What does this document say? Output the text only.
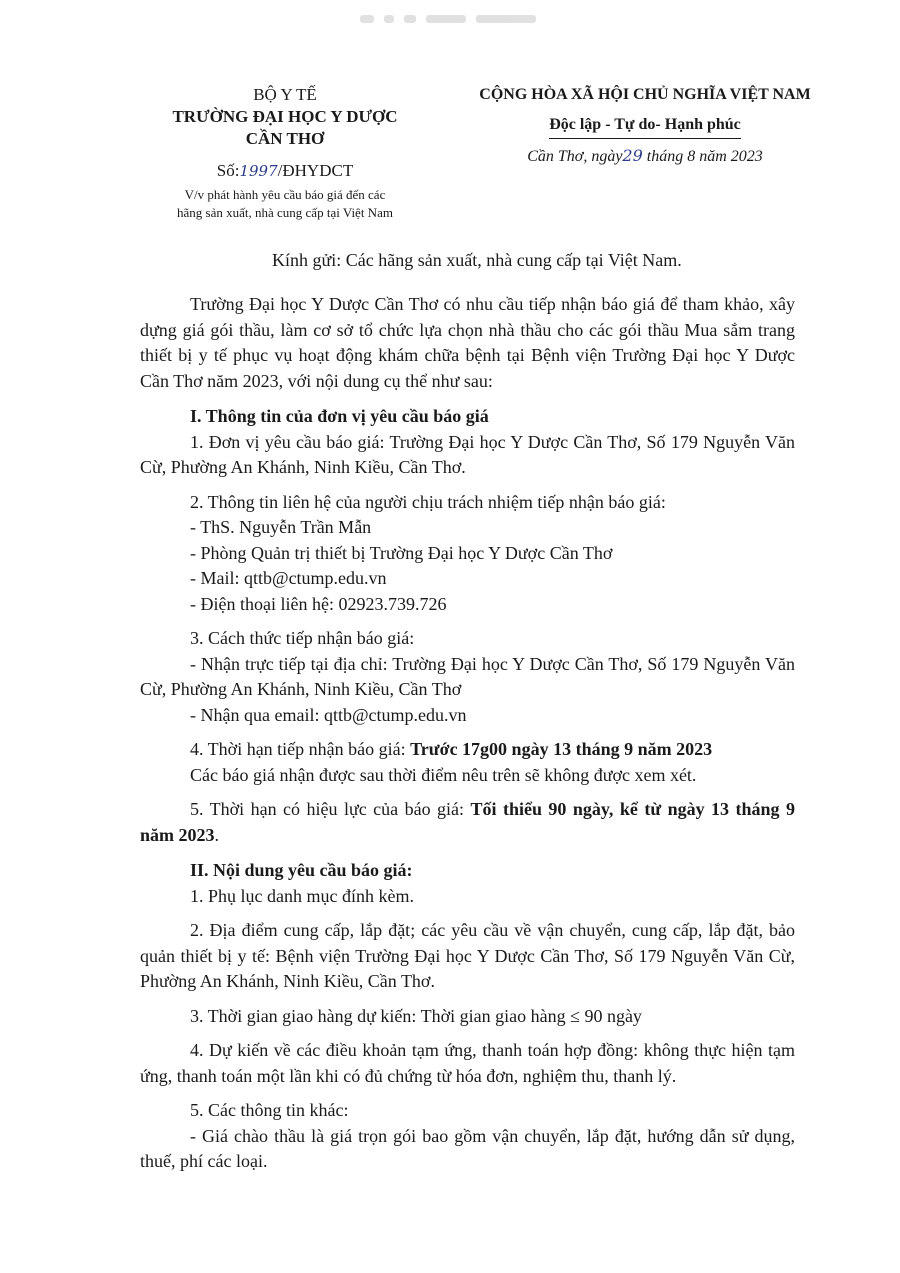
BỘ Y TẾ
TRƯỜNG ĐẠI HỌC Y DƯỢC
CẦN THƠ
Số:1997/ĐHYDCT
V/v phát hành yêu cầu báo giá đến các
hãng sản xuất, nhà cung cấp tại Việt Nam
CỘNG HÒA XÃ HỘI CHỦ NGHĨA VIỆT NAM
Độc lập - Tự do- Hạnh phúc
Cần Thơ, ngày29 tháng 8 năm 2023
Kính gửi: Các hãng sản xuất, nhà cung cấp tại Việt Nam.

Trường Đại học Y Dược Cần Thơ có nhu cầu tiếp nhận báo giá để tham khảo, xây dựng giá gói thầu, làm cơ sở tổ chức lựa chọn nhà thầu cho các gói thầu Mua sắm trang thiết bị y tế phục vụ hoạt động khám chữa bệnh tại Bệnh viện Trường Đại học Y Dược Cần Thơ năm 2023, với nội dung cụ thể như sau:

I. Thông tin của đơn vị yêu cầu báo giá

1. Đơn vị yêu cầu báo giá: Trường Đại học Y Dược Cần Thơ, Số 179 Nguyễn Văn Cừ, Phường An Khánh, Ninh Kiều, Cần Thơ.

2. Thông tin liên hệ của người chịu trách nhiệm tiếp nhận báo giá:

- ThS. Nguyễn Trần Mẫn

- Phòng Quản trị thiết bị Trường Đại học Y Dược Cần Thơ

- Mail: qttb@ctump.edu.vn

- Điện thoại liên hệ: 02923.739.726

3. Cách thức tiếp nhận báo giá:

- Nhận trực tiếp tại địa chỉ: Trường Đại học Y Dược Cần Thơ, Số 179 Nguyễn Văn Cừ, Phường An Khánh, Ninh Kiều, Cần Thơ

- Nhận qua email: qttb@ctump.edu.vn

4. Thời hạn tiếp nhận báo giá: Trước 17g00 ngày 13 tháng 9 năm 2023

Các báo giá nhận được sau thời điểm nêu trên sẽ không được xem xét.

5. Thời hạn có hiệu lực của báo giá: Tối thiểu 90 ngày, kể từ ngày 13 tháng 9 năm 2023.

II. Nội dung yêu cầu báo giá:

1. Phụ lục danh mục đính kèm.

2. Địa điểm cung cấp, lắp đặt; các yêu cầu về vận chuyển, cung cấp, lắp đặt, bảo quản thiết bị y tế: Bệnh viện Trường Đại học Y Dược Cần Thơ, Số 179 Nguyễn Văn Cừ, Phường An Khánh, Ninh Kiều, Cần Thơ.

3. Thời gian giao hàng dự kiến: Thời gian giao hàng ≤ 90 ngày

4. Dự kiến về các điều khoản tạm ứng, thanh toán hợp đồng: không thực hiện tạm ứng, thanh toán một lần khi có đủ chứng từ hóa đơn, nghiệm thu, thanh lý.

5. Các thông tin khác:

- Giá chào thầu là giá trọn gói bao gồm vận chuyển, lắp đặt, hướng dẫn sử dụng, thuế, phí các loại.
